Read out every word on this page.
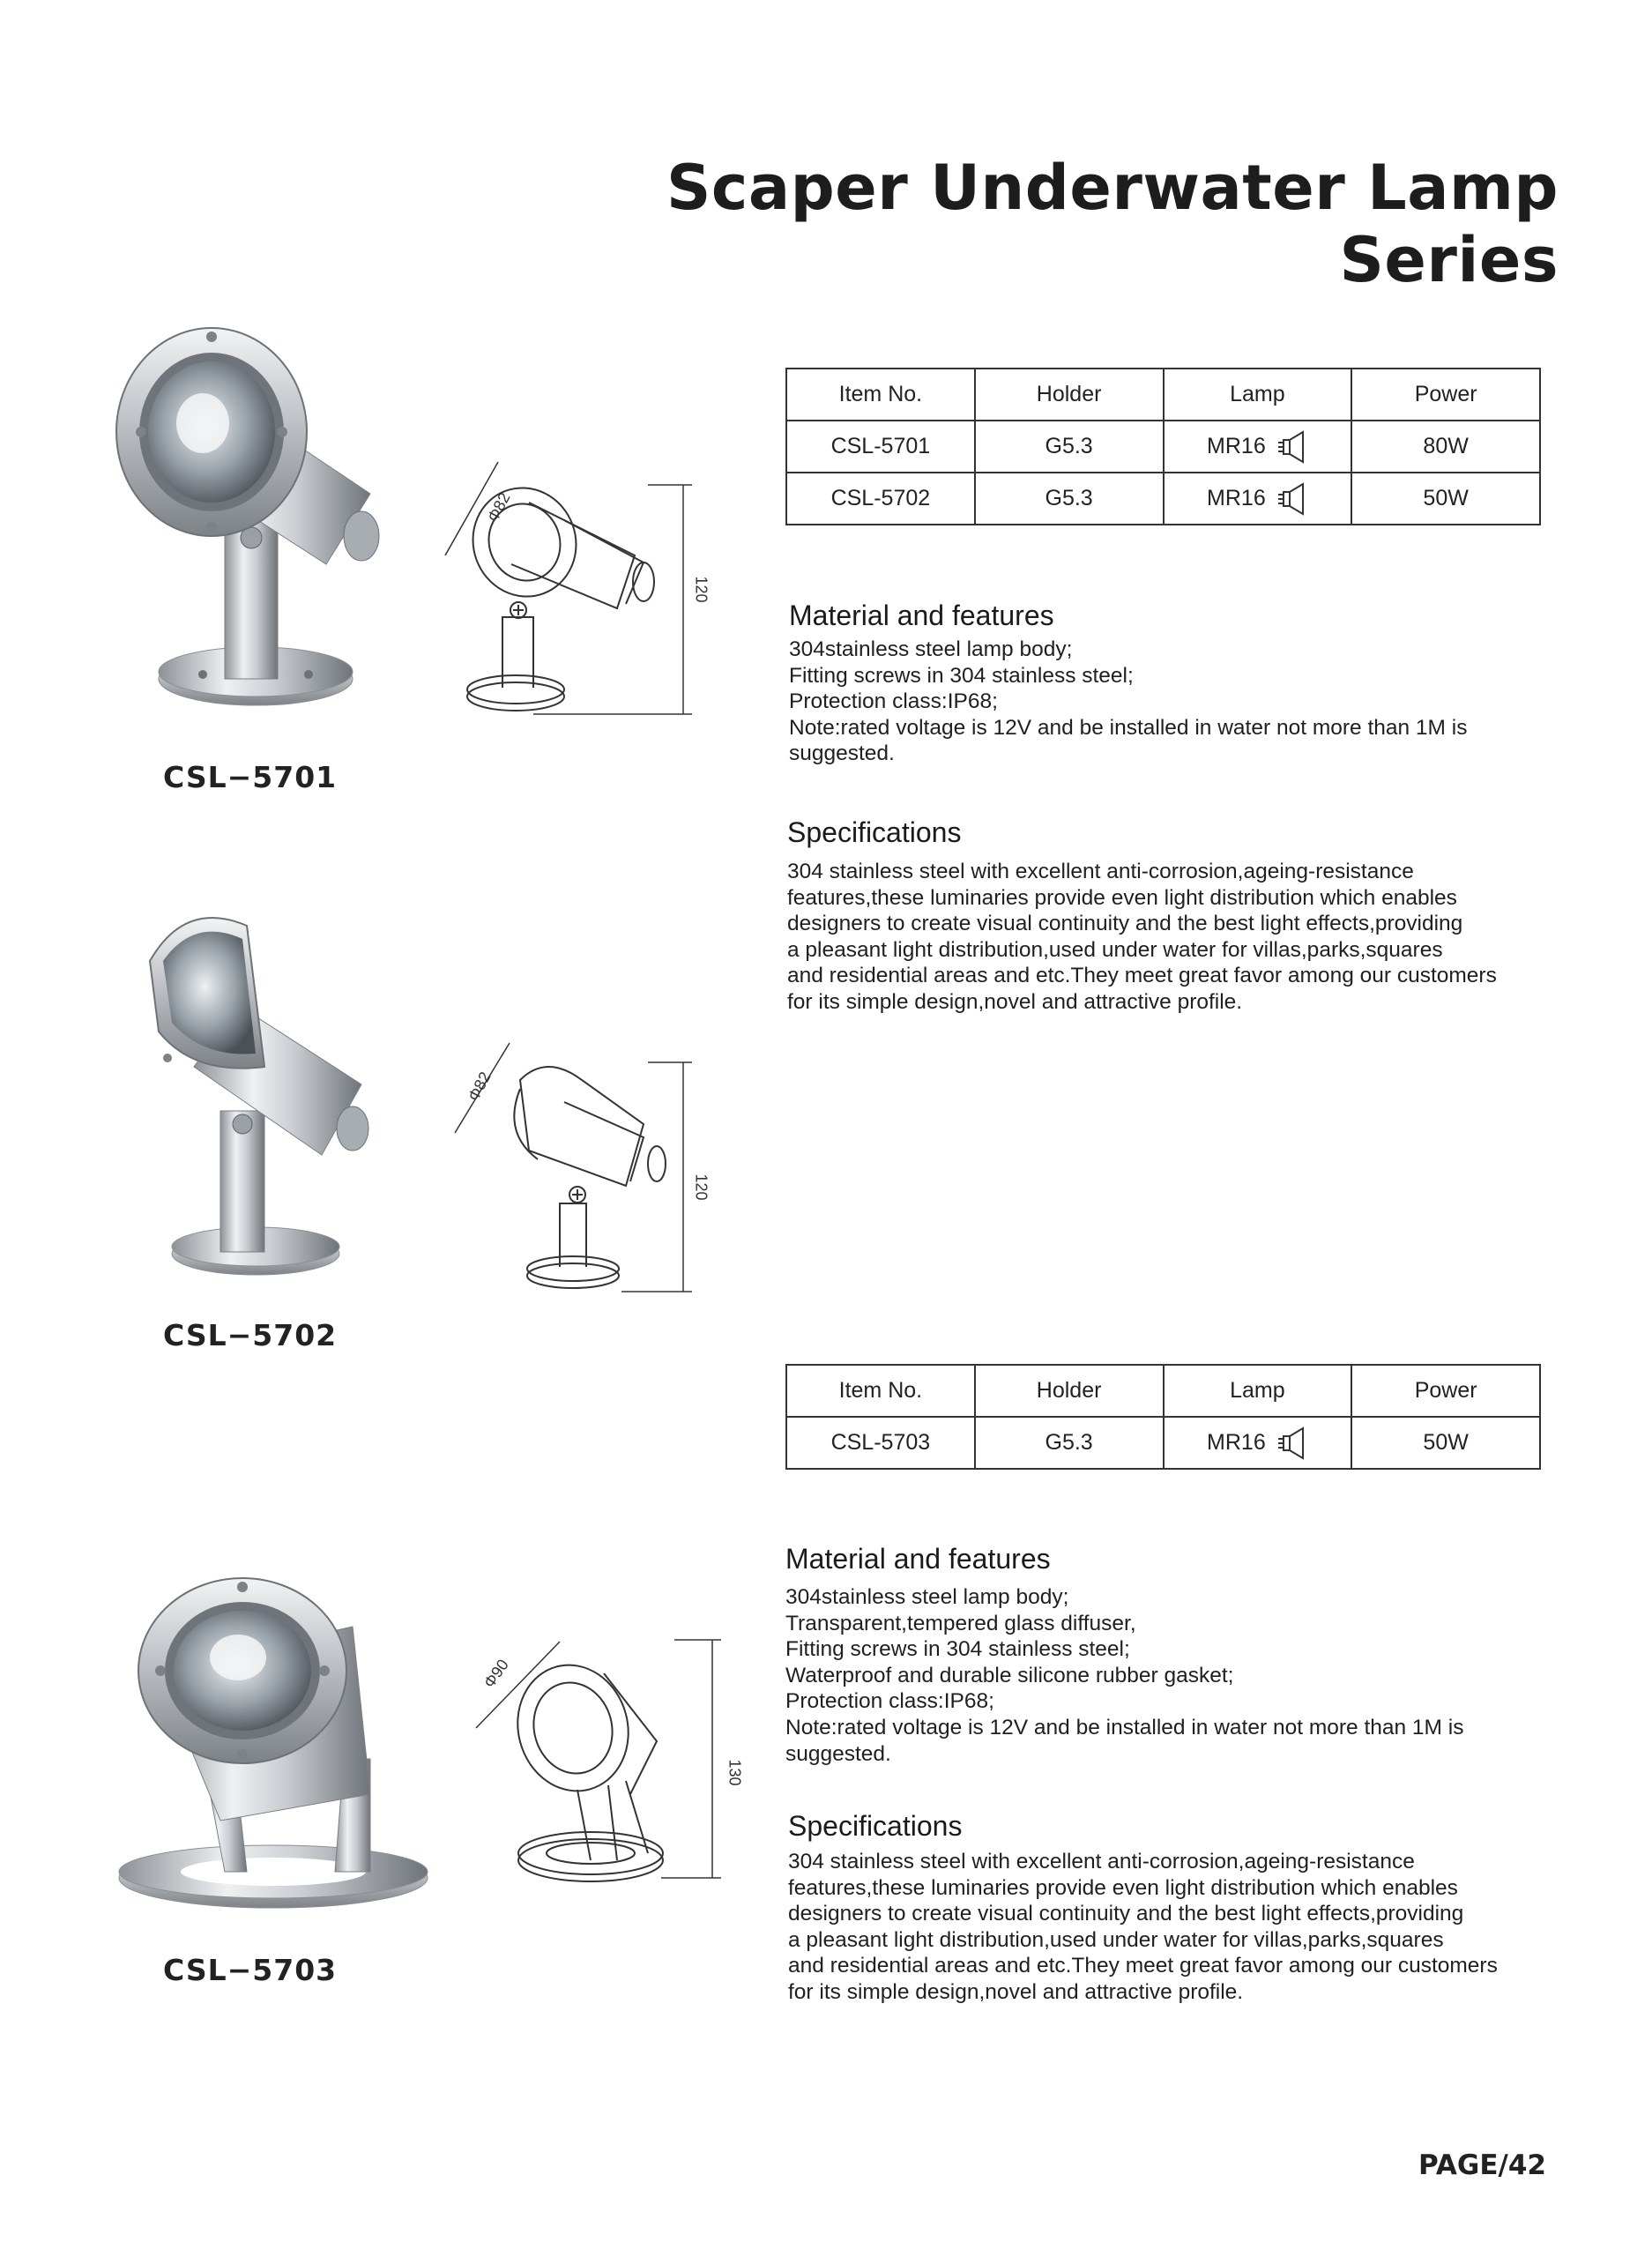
Scaper Underwater Lamp Series
CSL−5701
Φ82
120
CSL−5702
Φ82
120
CSL−5703
Φ90
130
Item No.	Holder	Lamp	Power
CSL-5701	G5.3	MR16	80W
CSL-5702	G5.3	MR16	50W
Material and features
304stainless steel lamp body;
Fitting screws in 304 stainless steel;
Protection class:IP68;
Note:rated voltage is 12V and be installed in water not more than 1M is
suggested.
Specifications
304 stainless steel with excellent anti-corrosion,ageing-resistance
features,these luminaries provide even light distribution which enables
designers to create visual continuity and the best light effects,providing
a pleasant light distribution,used under water for villas,parks,squares
and residential areas and etc.They meet great favor among our customers
for its simple design,novel and attractive profile.
Item No.	Holder	Lamp	Power
CSL-5703	G5.3	MR16	50W
Material and features
304stainless steel lamp body;
Transparent,tempered glass diffuser,
Fitting screws in 304 stainless steel;
Waterproof and durable silicone rubber gasket;
Protection class:IP68;
Note:rated voltage is 12V and be installed in water not more than 1M is
suggested.
Specifications
304 stainless steel with excellent anti-corrosion,ageing-resistance
features,these luminaries provide even light distribution which enables
designers to create visual continuity and the best light effects,providing
a pleasant light distribution,used under water for villas,parks,squares
and residential areas and etc.They meet great favor among our customers
for its simple design,novel and attractive profile.
PAGE/42
